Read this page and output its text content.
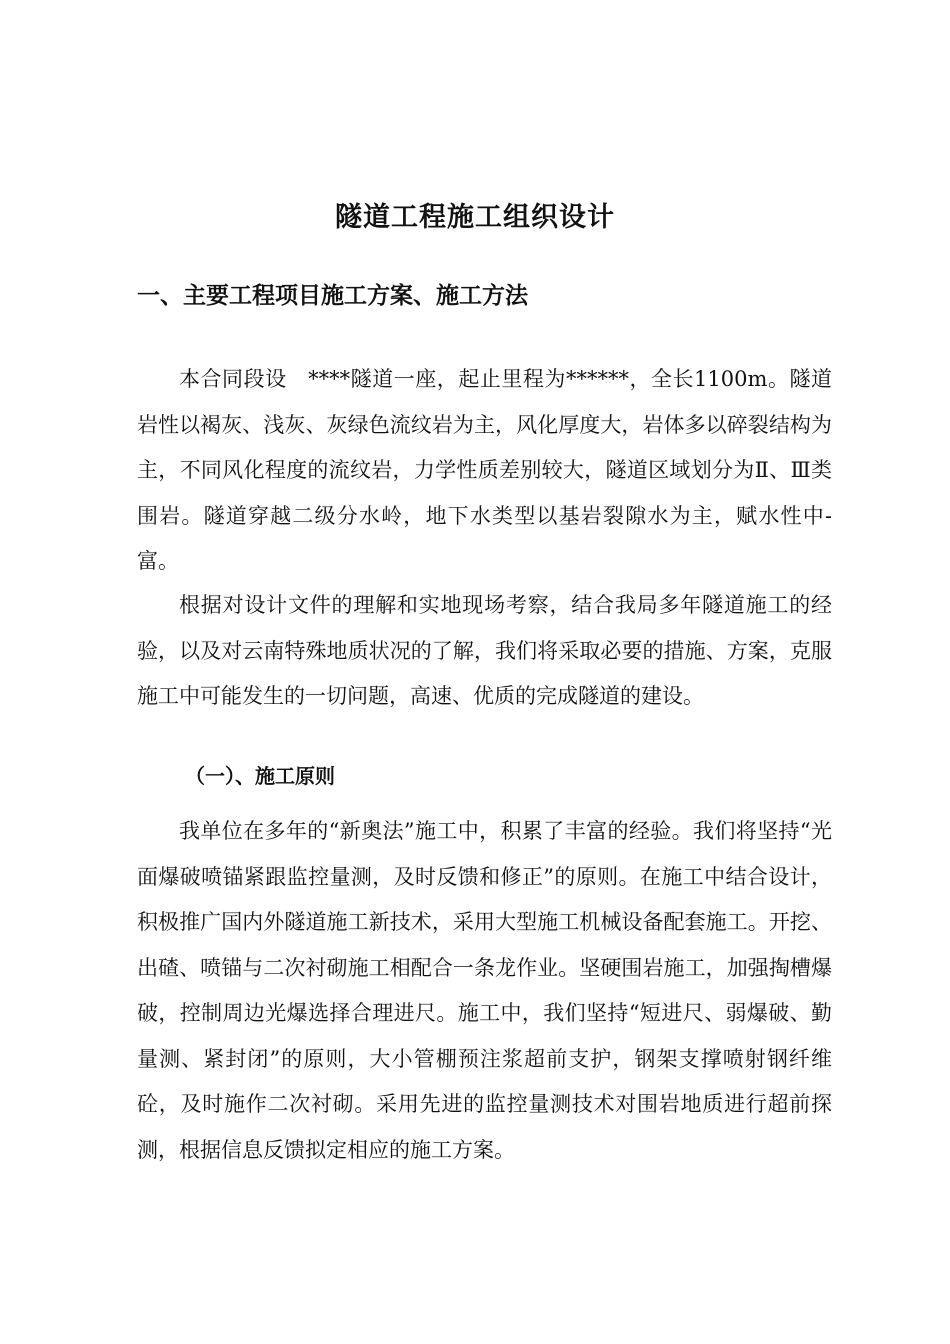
隧道工程施工组织设计
一、主要工程项目施工方案、施工方法

本合同段设　****隧道一座，起止里程为******，全长1100m。隧道岩性以褐灰、浅灰、灰绿色流纹岩为主，风化厚度大，岩体多以碎裂结构为主，不同风化程度的流纹岩，力学性质差别较大，隧道区域划分为Ⅱ、Ⅲ类围岩。隧道穿越二级分水岭，地下水类型以基岩裂隙水为主，赋水性中-富。

根据对设计文件的理解和实地现场考察，结合我局多年隧道施工的经验，以及对云南特殊地质状况的了解，我们将采取必要的措施、方案，克服施工中可能发生的一切问题，高速、优质的完成隧道的建设。

（一）、施工原则

我单位在多年的“新奥法”施工中，积累了丰富的经验。我们将坚持“光面爆破喷锚紧跟监控量测，及时反馈和修正”的原则。在施工中结合设计，积极推广国内外隧道施工新技术，采用大型施工机械设备配套施工。开挖、出碴、喷锚与二次衬砌施工相配合一条龙作业。坚硬围岩施工，加强掏槽爆破，控制周边光爆选择合理进尺。施工中，我们坚持“短进尺、弱爆破、勤量测、紧封闭”的原则，大小管棚预注浆超前支护，钢架支撑喷射钢纤维砼，及时施作二次衬砌。采用先进的监控量测技术对围岩地质进行超前探测，根据信息反馈拟定相应的施工方案。
